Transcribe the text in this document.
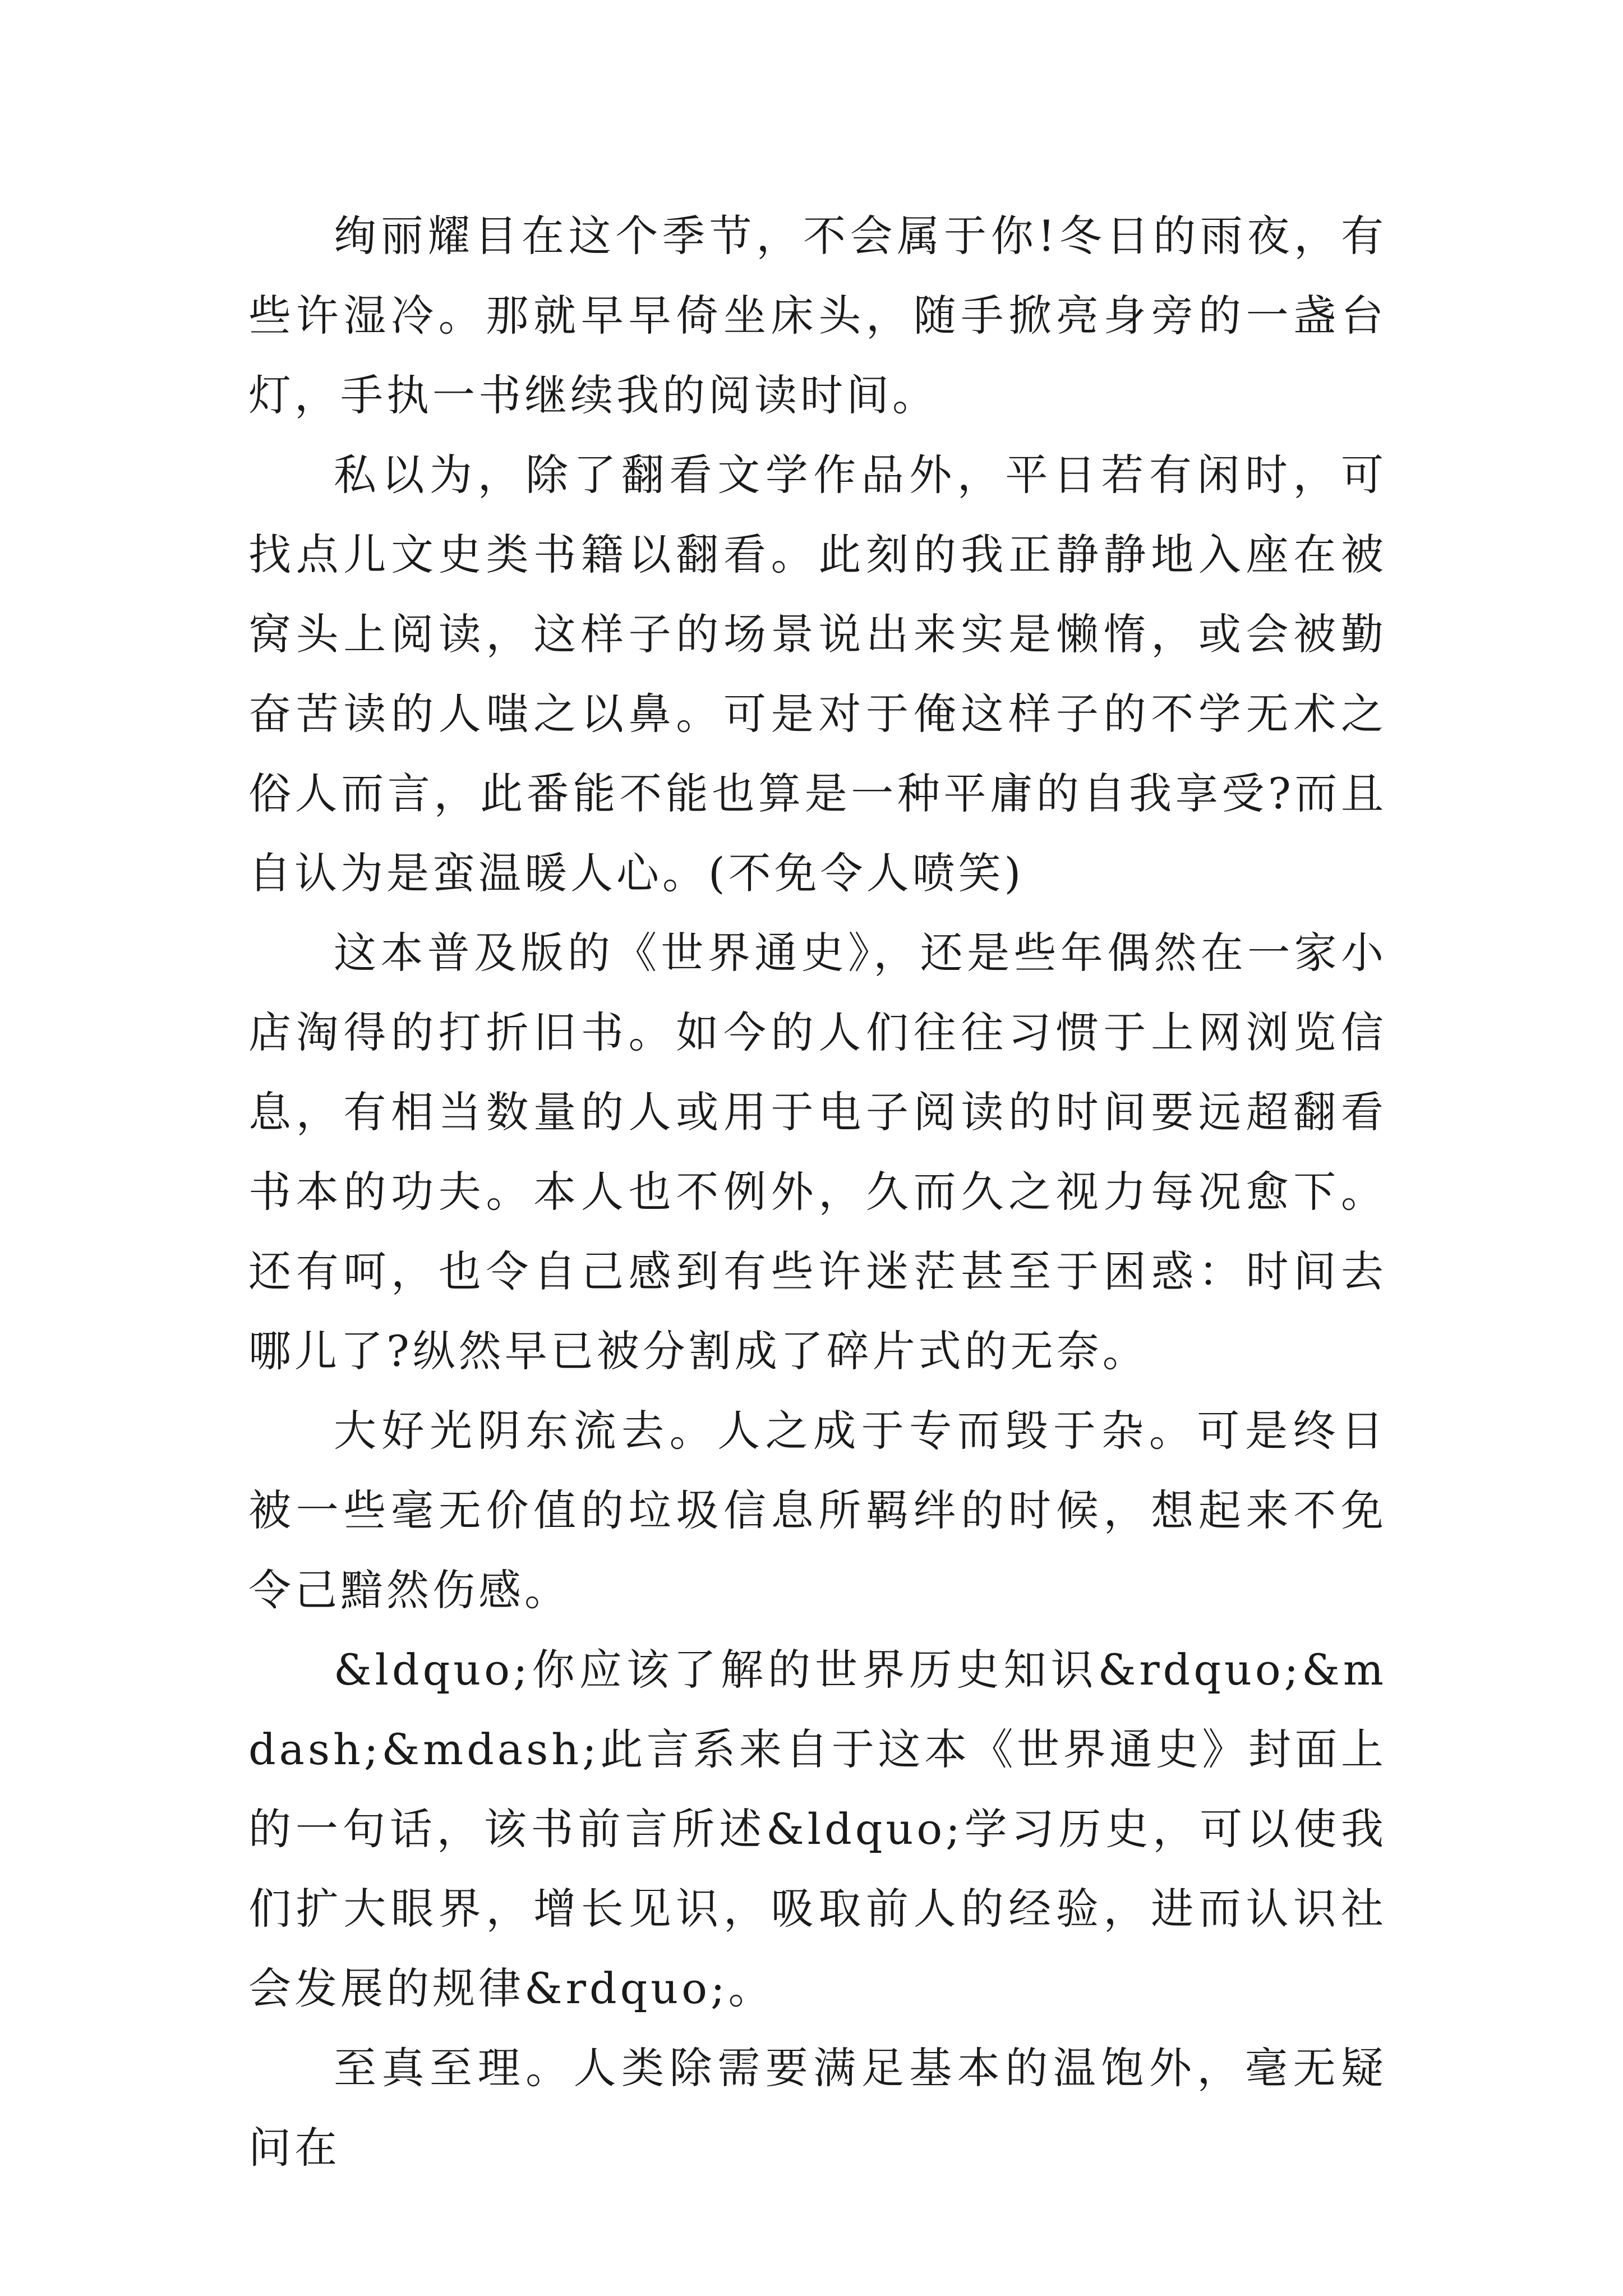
绚丽耀目在这个季节，不会属于你!冬日的雨夜，有些许湿冷。那就早早倚坐床头，随手掀亮身旁的一盏台灯，手执一书继续我的阅读时间。

私以为，除了翻看文学作品外，平日若有闲时，可找点儿文史类书籍以翻看。此刻的我正静静地入座在被窝头上阅读，这样子的场景说出来实是懒惰，或会被勤奋苦读的人嗤之以鼻。可是对于俺这样子的不学无术之俗人而言，此番能不能也算是一种平庸的自我享受?而且自认为是蛮温暖人心。(不免令人喷笑)

这本普及版的《世界通史》，还是些年偶然在一家小店淘得的打折旧书。如今的人们往往习惯于上网浏览信息，有相当数量的人或用于电子阅读的时间要远超翻看书本的功夫。本人也不例外，久而久之视力每况愈下。还有呵，也令自己感到有些许迷茫甚至于困惑：时间去哪儿了?纵然早已被分割成了碎片式的无奈。

大好光阴东流去。人之成于专而毁于杂。可是终日被一些毫无价值的垃圾信息所羁绊的时候，想起来不免令己黯然伤感。

&ldquo;你应该了解的世界历史知识&rdquo;&mdash;&mdash;此言系来自于这本《世界通史》封面上的一句话，该书前言所述&ldquo;学习历史，可以使我们扩大眼界，增长见识，吸取前人的经验，进而认识社会发展的规律&rdquo;。

至真至理。人类除需要满足基本的温饱外，毫无疑问在
